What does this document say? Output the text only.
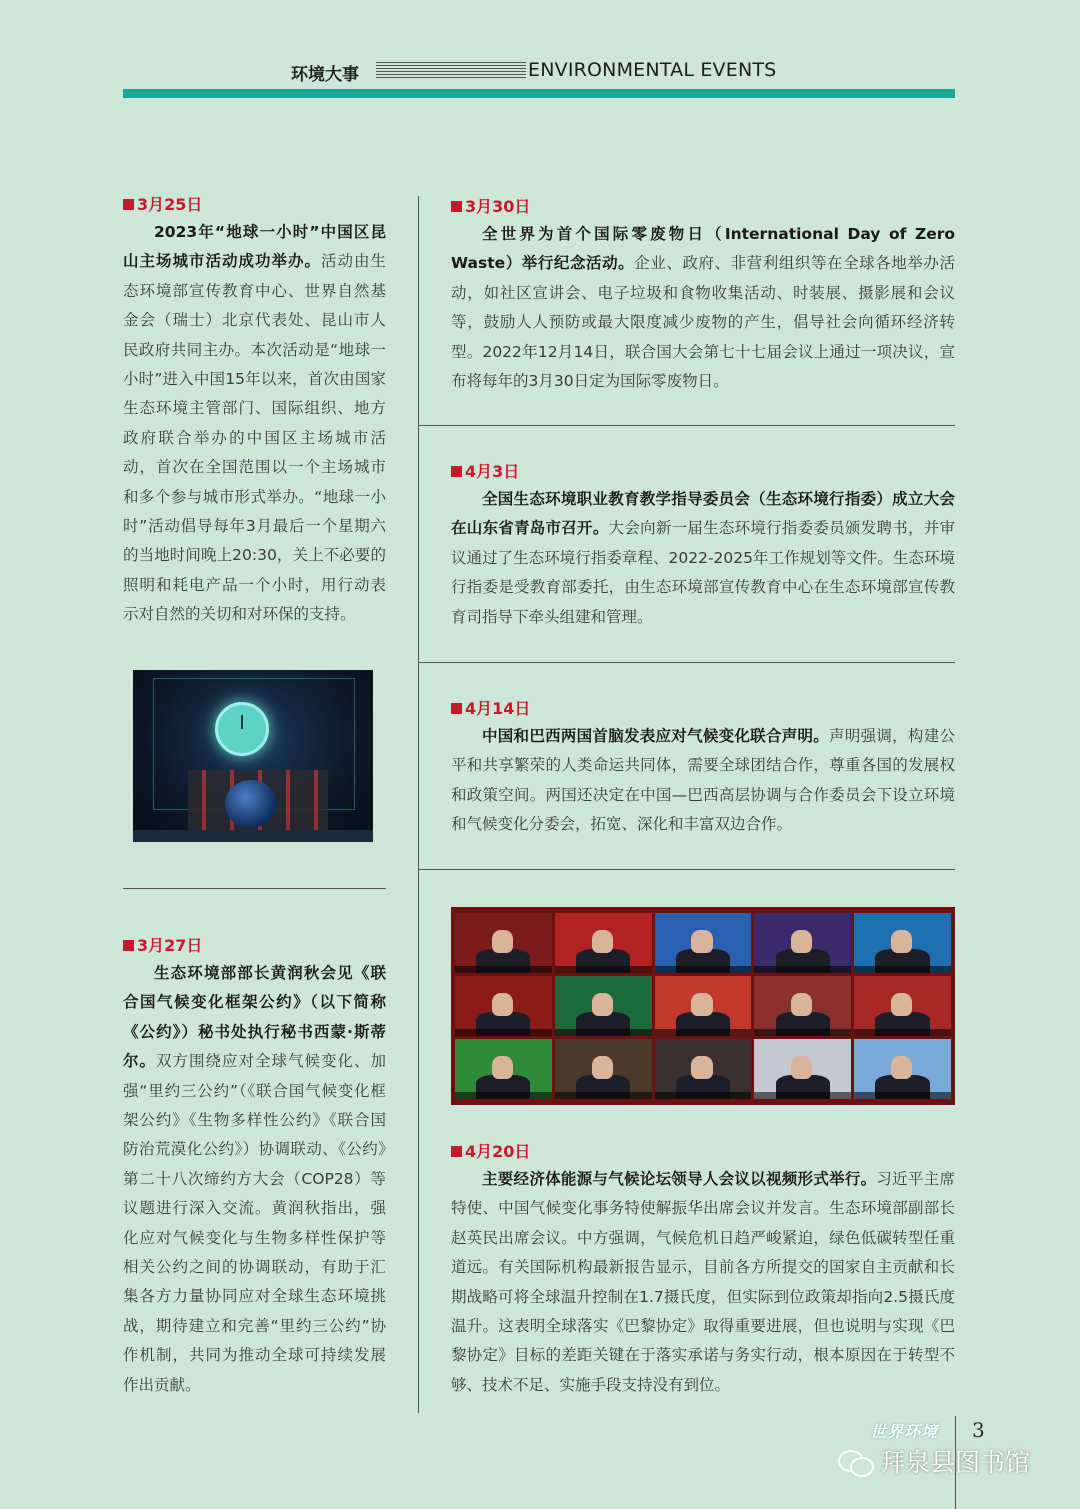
环境大事	ENVIRONMENTAL EVENTS
3月25日

2023年“地球一小时”中国区昆山主场城市活动成功举办。活动由生态环境部宣传教育中心、世界自然基金会（瑞士）北京代表处、昆山市人民政府共同主办。本次活动是“地球一小时”进入中国15年以来，首次由国家生态环境主管部门、国际组织、地方政府联合举办的中国区主场城市活动，首次在全国范围以一个主场城市和多个参与城市形式举办。“地球一小时”活动倡导每年3月最后一个星期六的当地时间晚上20:30，关上不必要的照明和耗电产品一个小时，用行动表示对自然的关切和对环保的支持。

3月27日

生态环境部部长黄润秋会见《联合国气候变化框架公约》（以下简称《公约》）秘书处执行秘书西蒙·斯蒂尔。双方围绕应对全球气候变化、加强“里约三公约”（《联合国气候变化框架公约》《生物多样性公约》《联合国防治荒漠化公约》）协调联动、《公约》第二十八次缔约方大会（COP28）等议题进行深入交流。黄润秋指出，强化应对气候变化与生物多样性保护等相关公约之间的协调联动，有助于汇集各方力量协同应对全球生态环境挑战，期待建立和完善“里约三公约”协作机制，共同为推动全球可持续发展作出贡献。

3月30日

全世界为首个国际零废物日（International Day of Zero Waste）举行纪念活动。企业、政府、非营利组织等在全球各地举办活动，如社区宣讲会、电子垃圾和食物收集活动、时装展、摄影展和会议等，鼓励人人预防或最大限度减少废物的产生，倡导社会向循环经济转型。2022年12月14日，联合国大会第七十七届会议上通过一项决议，宣布将每年的3月30日定为国际零废物日。

4月3日

全国生态环境职业教育教学指导委员会（生态环境行指委）成立大会在山东省青岛市召开。大会向新一届生态环境行指委委员颁发聘书，并审议通过了生态环境行指委章程、2022-2025年工作规划等文件。生态环境行指委是受教育部委托，由生态环境部宣传教育中心在生态环境部宣传教育司指导下牵头组建和管理。

4月14日

中国和巴西两国首脑发表应对气候变化联合声明。声明强调，构建公平和共享繁荣的人类命运共同体，需要全球团结合作，尊重各国的发展权和政策空间。两国还决定在中国—巴西高层协调与合作委员会下设立环境和气候变化分委会，拓宽、深化和丰富双边合作。

4月20日

主要经济体能源与气候论坛领导人会议以视频形式举行。习近平主席特使、中国气候变化事务特使解振华出席会议并发言。生态环境部副部长赵英民出席会议。中方强调，气候危机日趋严峻紧迫，绿色低碳转型任重道远。有关国际机构最新报告显示，目前各方所提交的国家自主贡献和长期战略可将全球温升控制在1.7摄氏度，但实际到位政策却指向2.5摄氏度温升。这表明全球落实《巴黎协定》取得重要进展，但也说明与实现《巴黎协定》目标的差距关键在于落实承诺与务实行动，根本原因在于转型不够、技术不足、实施手段支持没有到位。

世界环境 3
拜泉县图书馆
